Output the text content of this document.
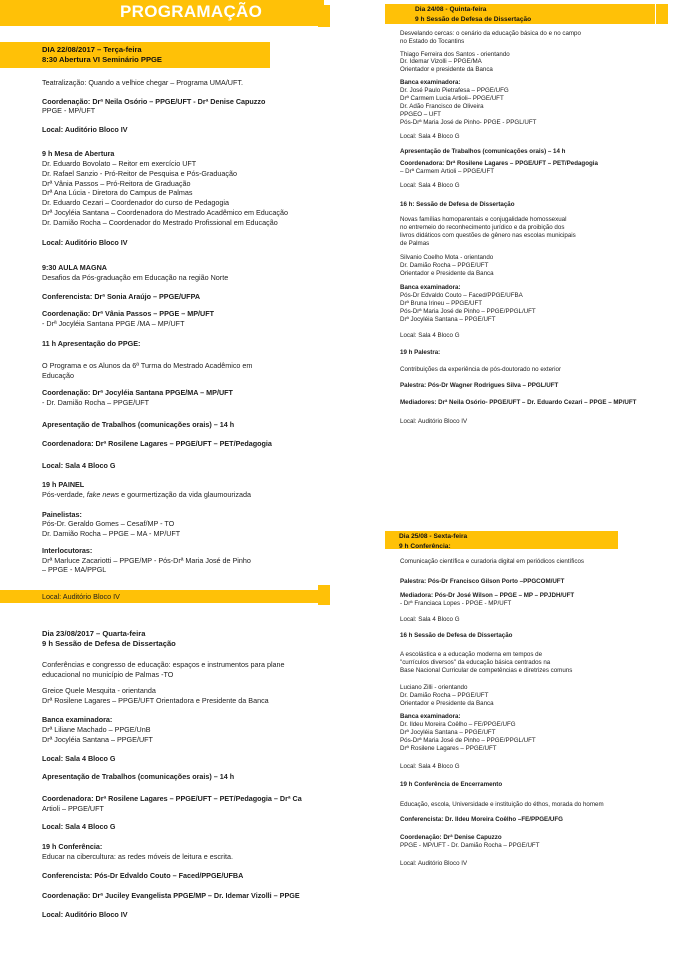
PROGRAMAÇÃO
DIA 22/08/2017 – Terça-feira
8:30 Abertura VI Seminário PPGE
Teatralização: Quando a velhice chegar – Programa UMA/UFT.
Coordenação: Drª Neila Osório – PPGE/UFT - Drª Denise Capuzzo
PPGE - MP/UFT
Local: Auditório Bloco IV
9 h Mesa de Abertura
Dr. Eduardo Bovolato – Reitor em exercício UFT
Dr. Rafael Sanzio - Pró-Reitor de Pesquisa e Pós-Graduação
Drª Vânia Passos – Pró-Reitora de Graduação
Drª Ana Lúcia - Diretora do Campus de Palmas
Dr. Eduardo Cezari – Coordenador do curso de Pedagogia
Drª Jocyléia Santana – Coordenadora do Mestrado Acadêmico em Educação
Dr. Damião Rocha – Coordenador do Mestrado Profissional em Educação
Local: Auditório Bloco IV
9:30 AULA MAGNA
Desafios da Pós-graduação em Educação na região Norte
Conferencista: Drª Sonia Araújo – PPGE/UFPA
Coordenação: Drª Vânia Passos – PPGE – MP/UFT
- Drª Jocyléia Santana PPGE /MA – MP/UFT
11 h Apresentação do PPGE:
O Programa e os Alunos da 6ª Turma do Mestrado Acadêmico em
Educação
Coordenação: Drª Jocyléia Santana PPGE/MA – MP/UFT
- Dr. Damião Rocha – PPGE/UFT
Apresentação de Trabalhos (comunicações orais) – 14 h
Coordenadora: Drª Rosilene Lagares – PPGE/UFT – PET/Pedagogia
Local: Sala 4 Bloco G
19 h PAINEL
Pós-verdade, fake news e gourmertização da vida glaumourizada
Painelistas:
Pós-Dr. Geraldo Gomes – Cesaf/MP - TO
Dr. Damião Rocha – PPGE – MA - MP/UFT
Interlocutoras:
Drª Marluce Zacariotti – PPGE/MP - Pós-Drª Maria José de Pinho
– PPGE - MA/PPGL
Local: Auditório Bloco IV
Dia 23/08/2017 – Quarta-feira
9 h Sessão de Defesa de Dissertação
Conferências e congresso de educação: espaços e instrumentos para plane
educacional no município de Palmas -TO
Greice Quele Mesquita - orientanda
Drª Rosilene Lagares – PPGE/UFT Orientadora e Presidente da Banca
Banca examinadora:
Drª Liliane Machado – PPGE/UnB
Drª Jocyléia Santana – PPGE/UFT
Local: Sala 4 Bloco G
Apresentação de Trabalhos (comunicações orais) – 14 h
Coordenadora: Drª Rosilene Lagares – PPGE/UFT – PET/Pedagogia – Drª Ca
Artioli – PPGE/UFT
Local: Sala 4 Bloco G
19 h Conferência:
Educar na cibercultura: as redes móveis de leitura e escrita.
Conferencista: Pós-Dr Edvaldo Couto – Faced/PPGE/UFBA
Coordenação: Drª Juciley Evangelista PPGE/MP – Dr. Idemar Vizolli – PPGE
Local: Auditório Bloco IV
Dia 24/08 - Quinta-feira
9 h Sessão de Defesa de Dissertação
Desvelando cercas: o cenário da educação básica do e no campo
no Estado do Tocantins
Thiago Ferreira dos Santos - orientando
Dr. Idemar Vizolli – PPGE/MA
Orientador e presidente da Banca
Banca examinadora:
Dr. José Paulo Pietrafesa – PPGE/UFG
Drª Carmem Lucia Artioli– PPGE/UFT
Dr. Adão Francisco de Oliveira
PPGEO – UFT
Pós-Drª Maria José de Pinho- PPGE - PPGL/UFT
Local: Sala 4 Bloco G
Apresentação de Trabalhos (comunicações orais) – 14 h
Coordenadora: Drª Rosilene Lagares – PPGE/UFT – PET/Pedagogia
– Drª Carmem Artioli – PPGE/UFT
Local: Sala 4 Bloco G
16 h: Sessão de Defesa de Dissertação
Novas famílias homoparentais e conjugalidade homossexual
no entremeio do reconhecimento jurídico e da proibição dos
livros didáticos com questões de gênero nas escolas municipais
de Palmas
Silvanio Coelho Mota - orientando
Dr. Damião Rocha – PPGE/UFT
Orientador e Presidente da Banca
Banca examinadora:
Pós-Dr Edvaldo Couto – Faced/PPGE/UFBA
Drª Bruna Irineu – PPGE/UFT
Pós-Drª Maria José de Pinho – PPGE/PPGL/UFT
Drª Jocyléia Santana – PPGE/UFT
Local: Sala 4 Bloco G
19 h Palestra:
Contribuições da experiência de pós-doutorado no exterior
Palestra: Pós-Dr Wagner Rodrigues Silva – PPGL/UFT
Mediadores: Drª Neila Osório- PPGE/UFT – Dr. Eduardo Cezari – PPGE – MP/UFT
Local: Auditório Bloco IV
Dia 25/08 - Sexta-feira
9 h Conferência:
Comunicação científica e curadoria digital em periódicos científicos
Palestra: Pós-Dr Francisco Gilson Porto –PPGCOM/UFT
Mediadora: Pós-Dr José Wilson – PPGE – MP – PPJDH/UFT
- Drª Franciaca Lopes - PPGE - MP/UFT
Local: Sala 4 Bloco G
16 h Sessão de Defesa de Dissertação
A escolástica e a educação moderna em tempos de
"currículos diversos" da educação básica centrados na
Base Nacional Curricular de competências e diretrizes comuns
Luciano Zilli - orientando
Dr. Damião Rocha – PPGE/UFT
Orientador e Presidente da Banca
Banca examinadora:
Dr. Ildeu Moreira Coêlho – FE/PPGE/UFG
Drª Jocyléia Santana – PPGE/UFT
Pós-Drª Maria José de Pinho – PPGE/PPGL/UFT
Drª Rosilene Lagares – PPGE/UFT
Local: Sala 4 Bloco G
19 h Conferência de Encerramento
Educação, escola, Universidade e instituição do éthos, morada do homem
Conferencista: Dr. Ildeu Moreira Coêlho –FE/PPGE/UFG
Coordenação: Drª Denise Capuzzo
PPGE - MP/UFT - Dr. Damião Rocha – PPGE/UFT
Local: Auditório Bloco IV
